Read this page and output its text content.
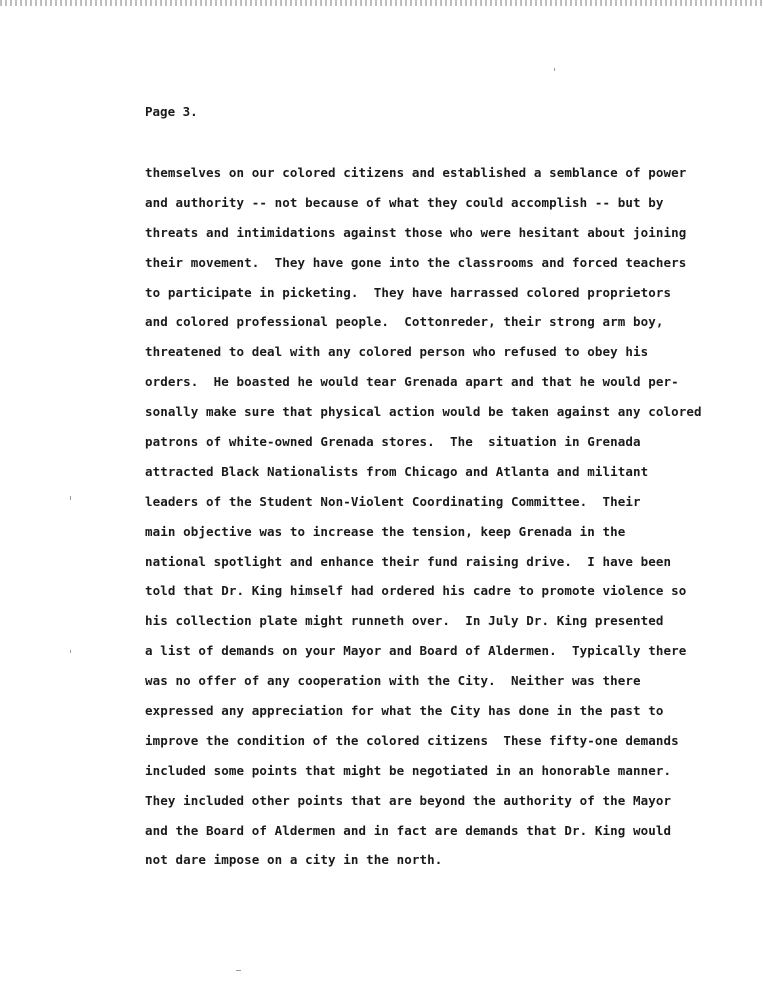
Page 3.
themselves on our colored citizens and established a semblance of power
and authority -- not because of what they could accomplish -- but by
threats and intimidations against those who were hesitant about joining
their movement.  They have gone into the classrooms and forced teachers
to participate in picketing.  They have harrassed colored proprietors
and colored professional people.  Cottonreder, their strong arm boy,
threatened to deal with any colored person who refused to obey his
orders.  He boasted he would tear Grenada apart and that he would per-
sonally make sure that physical action would be taken against any colored
patrons of white-owned Grenada stores.  The  situation in Grenada
attracted Black Nationalists from Chicago and Atlanta and militant
leaders of the Student Non-Violent Coordinating Committee.  Their
main objective was to increase the tension, keep Grenada in the
national spotlight and enhance their fund raising drive.  I have been
told that Dr. King himself had ordered his cadre to promote violence so
his collection plate might runneth over.  In July Dr. King presented
a list of demands on your Mayor and Board of Aldermen.  Typically there
was no offer of any cooperation with the City.  Neither was there
expressed any appreciation for what the City has done in the past to
improve the condition of the colored citizens  These fifty-one demands
included some points that might be negotiated in an honorable manner.
They included other points that are beyond the authority of the Mayor
and the Board of Aldermen and in fact are demands that Dr. King would
not dare impose on a city in the north.
